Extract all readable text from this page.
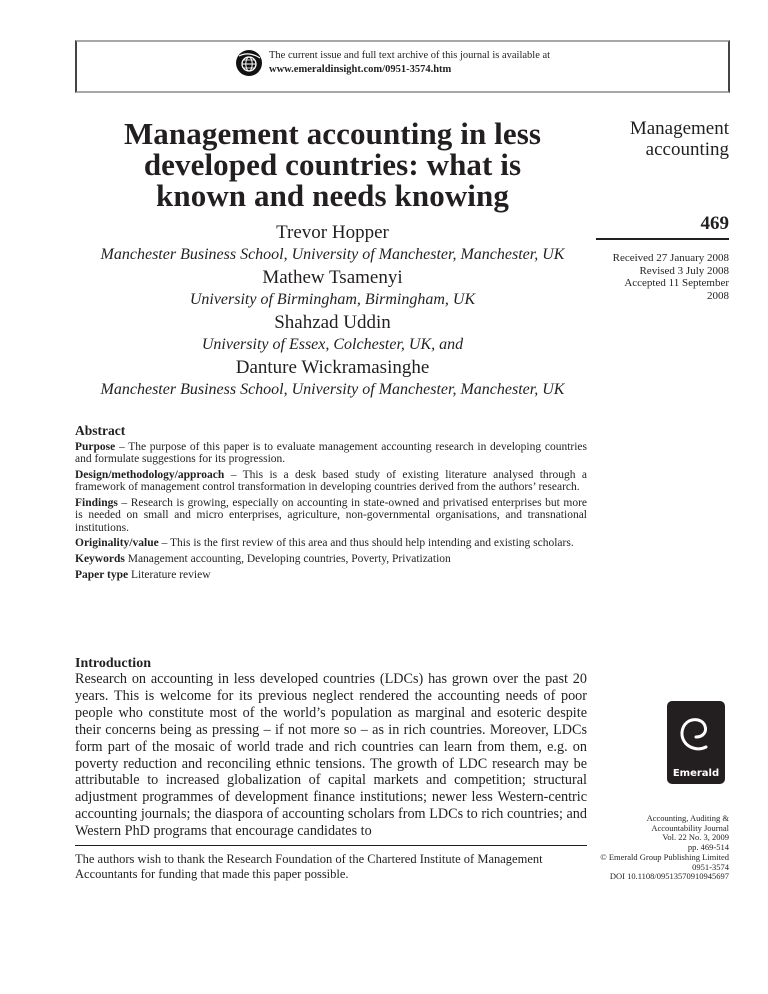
The current issue and full text archive of this journal is available at
www.emeraldinsight.com/0951-3574.htm
Management accounting in less
developed countries: what is
known and needs knowing
Trevor Hopper
Manchester Business School, University of Manchester, Manchester, UK
Mathew Tsamenyi
University of Birmingham, Birmingham, UK
Shahzad Uddin
University of Essex, Colchester, UK, and
Danture Wickramasinghe
Manchester Business School, University of Manchester, Manchester, UK
Management
accounting
469
Received 27 January 2008
Revised 3 July 2008
Accepted 11 September
2008
Abstract

Purpose – The purpose of this paper is to evaluate management accounting research in developing countries and formulate suggestions for its progression.

Design/methodology/approach – This is a desk based study of existing literature analysed through a framework of management control transformation in developing countries derived from the authors’ research.

Findings – Research is growing, especially on accounting in state-owned and privatised enterprises but more is needed on small and micro enterprises, agriculture, non-governmental organisations, and transnational institutions.

Originality/value – This is the first review of this area and thus should help intending and existing scholars.

Keywords Management accounting, Developing countries, Poverty, Privatization

Paper type Literature review

Introduction

Research on accounting in less developed countries (LDCs) has grown over the past 20 years. This is welcome for its previous neglect rendered the accounting needs of poor people who constitute most of the world’s population as marginal and esoteric despite their concerns being as pressing – if not more so – as in rich countries. Moreover, LDCs form part of the mosaic of world trade and rich countries can learn from them, e.g. on poverty reduction and reconciling ethnic tensions. The growth of LDC research may be attributable to increased globalization of capital markets and competition; structural adjustment programmes of development finance institutions; newer less Western-centric accounting journals; the diaspora of accounting scholars from LDCs to rich countries; and Western PhD programs that encourage candidates to

The authors wish to thank the Research Foundation of the Chartered Institute of Management Accountants for funding that made this paper possible.
Emerald
Accounting, Auditing &
Accountability Journal
Vol. 22 No. 3, 2009
pp. 469-514
© Emerald Group Publishing Limited
0951-3574
DOI 10.1108/09513570910945697
